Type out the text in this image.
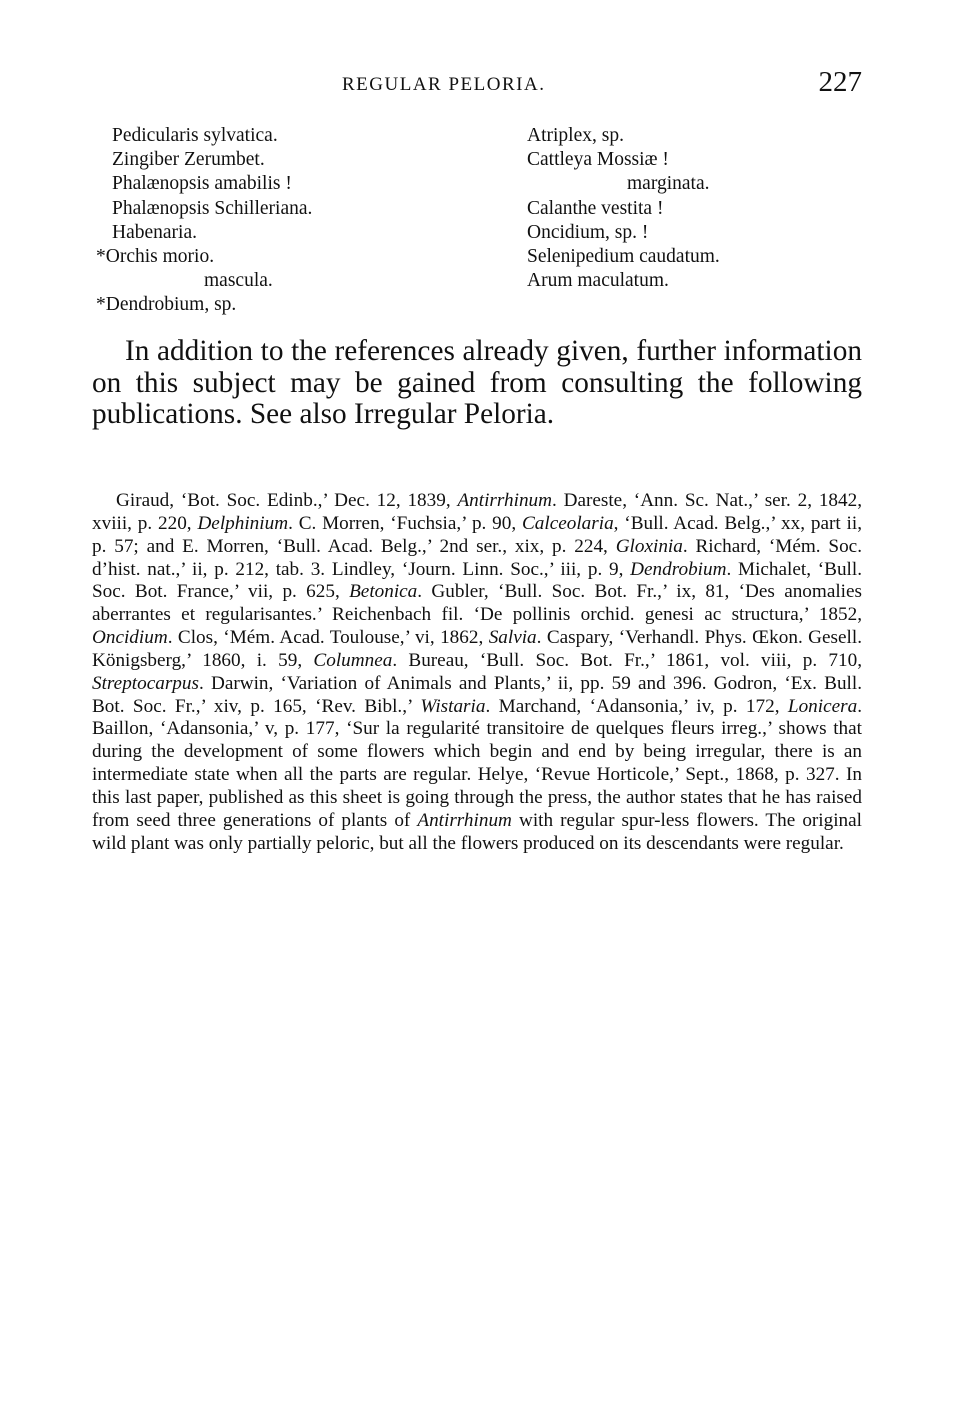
REGULAR PELORIA.	227
Pedicularis sylvatica.
Zingiber Zerumbet.
Phalænopsis amabilis !
Phalænopsis Schilleriana.
Habenaria.
*Orchis morio.
mascula.
*Dendrobium, sp.
Atriplex, sp.
Cattleya Mossiæ !
marginata.
Calanthe vestita !
Oncidium, sp. !
Selenipedium caudatum.
Arum maculatum.

In addition to the references already given, further information on this subject may be gained from consulting the following publications. See also Irregular Peloria.

Giraud, ‘Bot. Soc. Edinb.,’ Dec. 12, 1839, Antirrhinum. Dareste, ‘Ann. Sc. Nat.,’ ser. 2, 1842, xviii, p. 220, Delphinium. C. Morren, ‘Fuchsia,’ p. 90, Calceolaria, ‘Bull. Acad. Belg.,’ xx, part ii, p. 57; and E. Morren, ‘Bull. Acad. Belg.,’ 2nd ser., xix, p. 224, Gloxinia. Richard, ‘Mém. Soc. d’hist. nat.,’ ii, p. 212, tab. 3. Lindley, ‘Journ. Linn. Soc.,’ iii, p. 9, Dendrobium. Michalet, ‘Bull. Soc. Bot. France,’ vii, p. 625, Betonica. Gubler, ‘Bull. Soc. Bot. Fr.,’ ix, 81, ‘Des anomalies aberrantes et regularisantes.’ Reichenbach fil. ‘De pollinis orchid. genesi ac structura,’ 1852, Oncidium. Clos, ‘Mém. Acad. Toulouse,’ vi, 1862, Salvia. Caspary, ‘Verhandl. Phys. Œkon. Gesell. Königsberg,’ 1860, i. 59, Columnea. Bureau, ‘Bull. Soc. Bot. Fr.,’ 1861, vol. viii, p. 710, Streptocarpus. Darwin, ‘Variation of Animals and Plants,’ ii, pp. 59 and 396. Godron, ‘Ex. Bull. Bot. Soc. Fr.,’ xiv, p. 165, ‘Rev. Bibl.,’ Wistaria. Marchand, ‘Adansonia,’ iv, p. 172, Lonicera. Baillon, ‘Adansonia,’ v, p. 177, ‘Sur la regularité transitoire de quelques fleurs irreg.,’ shows that during the development of some flowers which begin and end by being irregular, there is an intermediate state when all the parts are regular. Helye, ‘Revue Horticole,’ Sept., 1868, p. 327. In this last paper, published as this sheet is going through the press, the author states that he has raised from seed three generations of plants of Antirrhinum with regular spur-less flowers. The original wild plant was only partially peloric, but all the flowers produced on its descendants were regular.
